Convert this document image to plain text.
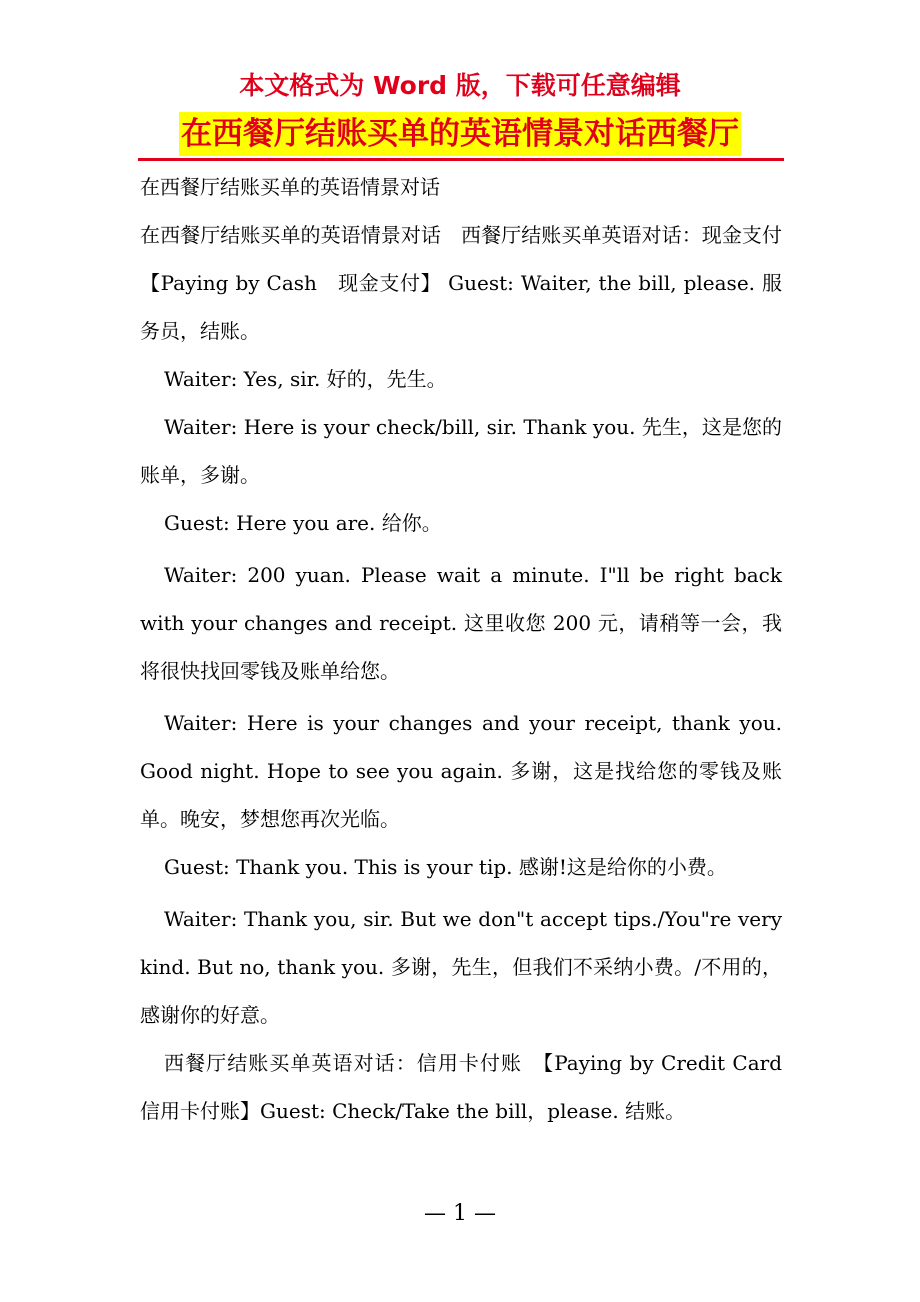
本文格式为 Word 版，下载可任意编辑
在西餐厅结账买单的英语情景对话西餐厅

在西餐厅结账买单的英语情景对话

在西餐厅结账买单的英语情景对话　西餐厅结账买单英语对话：现金支付　【Paying by Cash　现金支付】 Guest: Waiter, the bill, please. 服务员，结账。

Waiter: Yes, sir. 好的，先生。

Waiter: Here is your check/bill, sir. Thank you. 先生，这是您的账单，多谢。

Guest: Here you are. 给你。

Waiter: 200 yuan. Please wait a minute. I"ll be right back with your changes and receipt. 这里收您 200 元，请稍等一会，我将很快找回零钱及账单给您。

Waiter: Here is your changes and your receipt, thank you. Good night. Hope to see you again. 多谢，这是找给您的零钱及账单。晚安，梦想您再次光临。

Guest: Thank you. This is your tip. 感谢!这是给你的小费。

Waiter: Thank you, sir. But we don"t accept tips./You"re very kind. But no, thank you. 多谢，先生，但我们不采纳小费。/不用的，感谢你的好意。

西餐厅结账买单英语对话：信用卡付账　【Paying by Credit Card 信用卡付账】Guest: Check/Take the bill，please. 结账。

— 1 —
